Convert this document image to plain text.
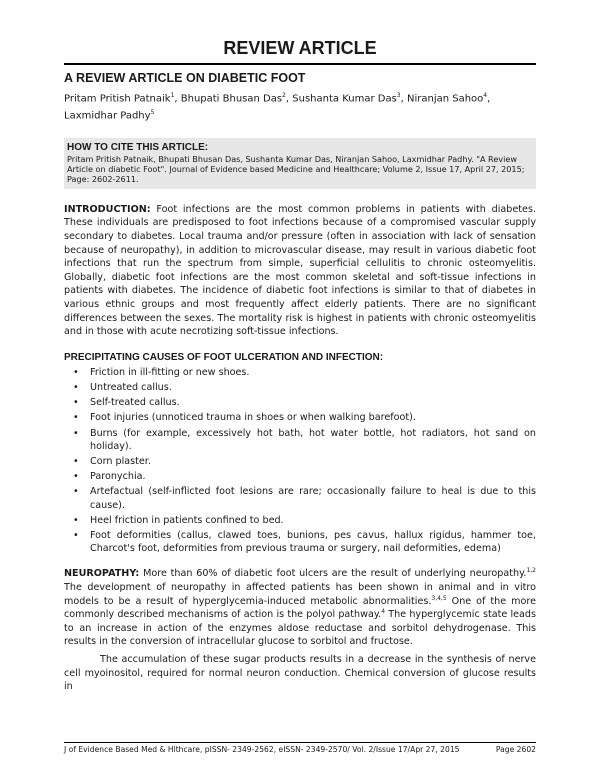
REVIEW ARTICLE
A REVIEW ARTICLE ON DIABETIC FOOT

Pritam Pritish Patnaik$^1$, Bhupati Bhusan Das$^2$, Sushanta Kumar Das$^3$, Niranjan Sahoo$^4$, Laxmidhar Padhy$^5$

HOW TO CITE THIS ARTICLE:

Pritam Pritish Patnaik, Bhupati Bhusan Das, Sushanta Kumar Das, Niranjan Sahoo, Laxmidhar Padhy. "A Review Article on diabetic Foot". Journal of Evidence based Medicine and Healthcare; Volume 2, Issue 17, April 27, 2015; Page: 2602-2611.

INTRODUCTION: Foot infections are the most common problems in patients with diabetes. These individuals are predisposed to foot infections because of a compromised vascular supply secondary to diabetes. Local trauma and/or pressure (often in association with lack of sensation because of neuropathy), in addition to microvascular disease, may result in various diabetic foot infections that run the spectrum from simple, superficial cellulitis to chronic osteomyelitis. Globally, diabetic foot infections are the most common skeletal and soft-tissue infections in patients with diabetes. The incidence of diabetic foot infections is similar to that of diabetes in various ethnic groups and most frequently affect elderly patients. There are no significant differences between the sexes. The mortality risk is highest in patients with chronic osteomyelitis and in those with acute necrotizing soft-tissue infections.

PRECIPITATING CAUSES OF FOOT ULCERATION AND INFECTION:
• Friction in ill-fitting or new shoes.
• Untreated callus.
• Self-treated callus.
• Foot injuries (unnoticed trauma in shoes or when walking barefoot).
• Burns (for example, excessively hot bath, hot water bottle, hot radiators, hot sand on holiday).
• Corn plaster.
• Paronychia.
• Artefactual (self-inflicted foot lesions are rare; occasionally failure to heal is due to this cause).
• Heel friction in patients confined to bed.
• Foot deformities (callus, clawed toes, bunions, pes cavus, hallux rigidus, hammer toe, Charcot's foot, deformities from previous trauma or surgery, nail deformities, edema)

NEUROPATHY: More than 60% of diabetic foot ulcers are the result of underlying neuropathy.$^{1,2}$ The development of neuropathy in affected patients has been shown in animal and in vitro models to be a result of hyperglycemia-induced metabolic abnormalities.$^{3,4,5}$ One of the more commonly described mechanisms of action is the polyol pathway.$^4$ The hyperglycemic state leads to an increase in action of the enzymes aldose reductase and sorbitol dehydrogenase. This results in the conversion of intracellular glucose to sorbitol and fructose.

The accumulation of these sugar products results in a decrease in the synthesis of nerve cell myoinositol, required for normal neuron conduction. Chemical conversion of glucose results in

J of Evidence Based Med & Hlthcare, pISSN- 2349-2562, eISSN- 2349-2570/ Vol. 2/Issue 17/Apr 27, 2015	Page 2602
